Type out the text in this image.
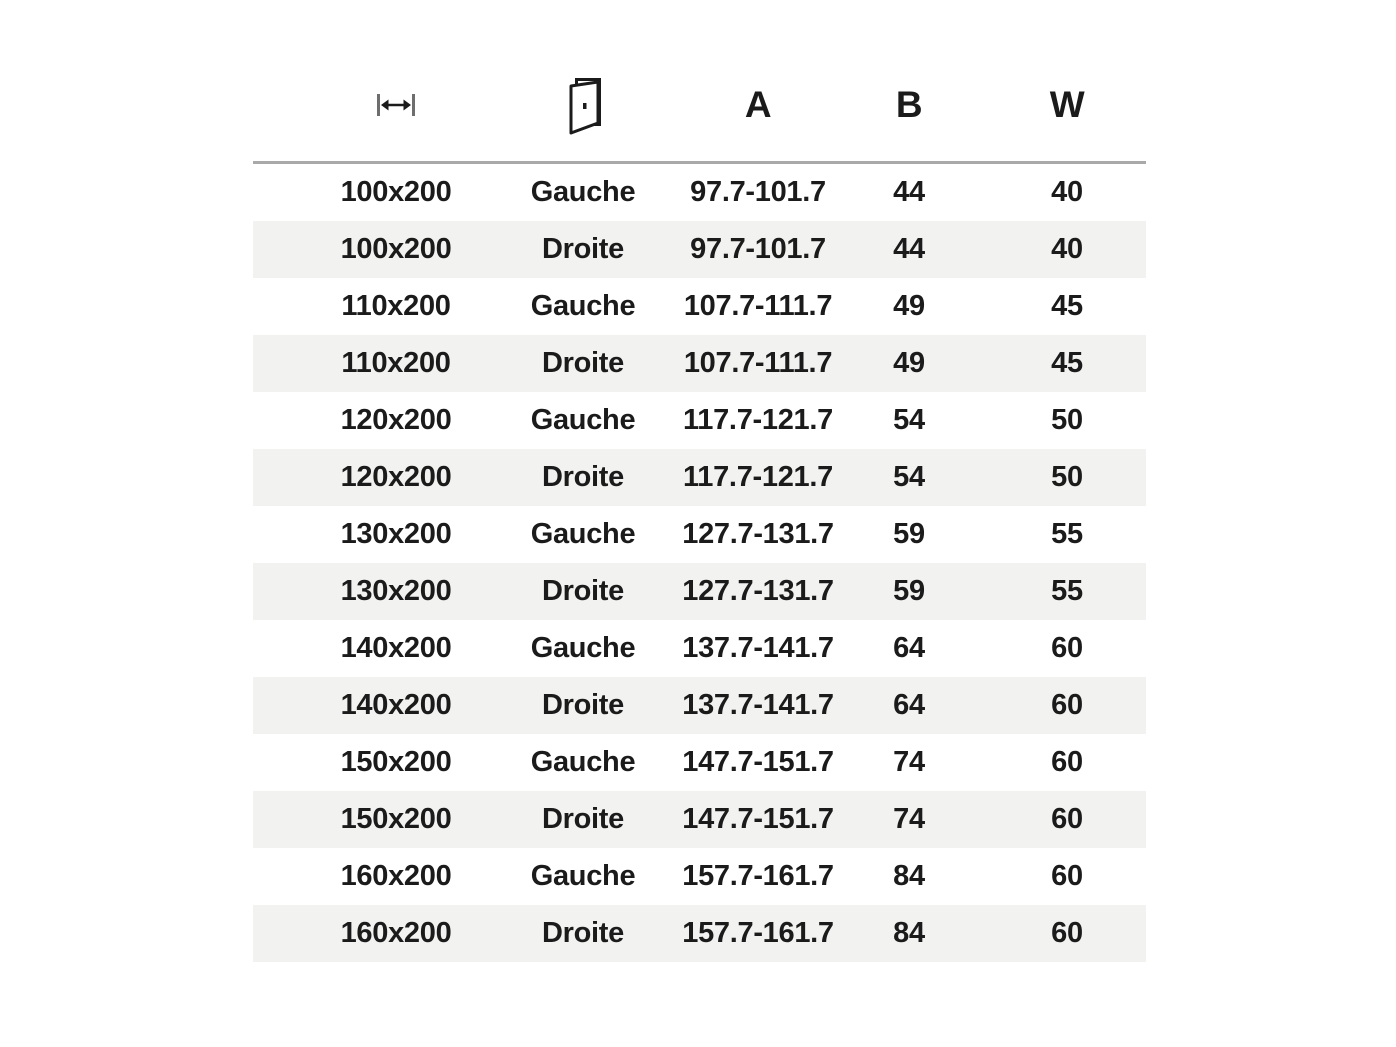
A	B	W
100x200	Gauche 97.7-101.7 44	40
100x200	Droite 97.7-101.7 44	40
110x200	Gauche 107.7-111.7 49	45
110x200	Droite 107.7-111.7 49	45
120x200	Gauche 117.7-121.7 54	50
120x200	Droite 117.7-121.7 54	50
130x200	Gauche 127.7-131.7 59	55
130x200	Droite 127.7-131.7 59	55
140x200	Gauche 137.7-141.7 64	60
140x200	Droite 137.7-141.7 64	60
150x200	Gauche 147.7-151.7 74	60
150x200	Droite 147.7-151.7 74	60
160x200	Gauche 157.7-161.7 84	60
160x200	Droite 157.7-161.7 84	60
